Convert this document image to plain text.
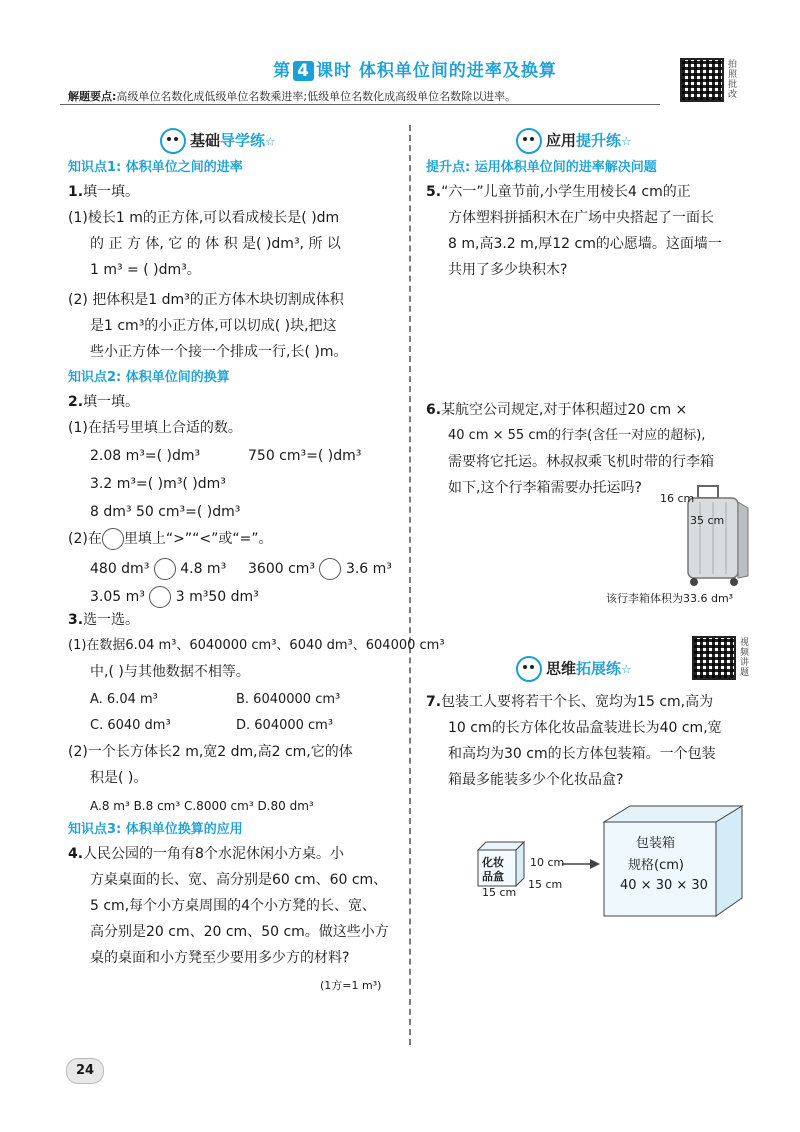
第 4 课时 体积单位间的进率及换算	拍照批改
解题要点:高级单位名数化成低级单位名数乘进率;低级单位名数化成高级单位名数除以进率。
基础导学练☆
知识点1: 体积单位之间的进率
1.填一填。
(1)棱长1 m的正方体,可以看成棱长是( )dm
的 正 方 体, 它 的 体 积 是( )dm³, 所 以
1 m³ = ( )dm³。
(2) 把体积是1 dm³的正方体木块切割成体积
是1 cm³的小正方体,可以切成( )块,把这
些小正方体一个接一个排成一行,长( )m。
知识点2: 体积单位间的换算
2.填一填。
(1)在括号里填上合适的数。
2.08 m³=( )dm³	750 cm³=( )dm³
3.2 m³=( )m³( )dm³
8 dm³ 50 cm³=( )dm³
(2)在 里填上“>”“<”或“=”。
480 dm³ 4.8 m³ 3600 cm³ 3.6 m³
3.05 m³ 3 m³50 dm³
3.选一选。
(1)在数据6.04 m³、6040000 cm³、6040 dm³、604000 cm³
中,( )与其他数据不相等。
A. 6.04 m³	B. 6040000 cm³
C. 6040 dm³	D. 604000 cm³
(2)一个长方体长2 m,宽2 dm,高2 cm,它的体
积是( )。
A.8 m³ B.8 cm³ C.8000 cm³ D.80 dm³
知识点3: 体积单位换算的应用
4.人民公园的一角有8个水泥休闲小方桌。小
方桌桌面的长、宽、高分别是60 cm、60 cm、
5 cm,每个小方桌周围的4个小方凳的长、宽、
高分别是20 cm、20 cm、50 cm。做这些小方
桌的桌面和小方凳至少要用多少方的材料?
(1方=1 m³)
应用提升练☆
提升点: 运用体积单位间的进率解决问题
5.“六一”儿童节前,小学生用棱长4 cm的正
方体塑料拼插积木在广场中央搭起了一面长
8 m,高3.2 m,厚12 cm的心愿墙。这面墙一
共用了多少块积木?
6.某航空公司规定,对于体积超过20 cm ×
40 cm × 55 cm的行李(含任一对应的超标),
需要将它托运。林叔叔乘飞机时带的行李箱
如下,这个行李箱需要办托运吗?
16 cm
35 cm
该行李箱体积为33.6 dm³
思维拓展练☆
视频讲题
7.包装工人要将若干个长、宽均为15 cm,高为
10 cm的长方体化妆品盒装进长为40 cm,宽
和高均为30 cm的长方体包装箱。一个包装
箱最多能装多少个化妆品盒?
化妆
品盒
10 cm
15 cm
15 cm
包装箱
规格(cm)
40 × 30 × 30
24
